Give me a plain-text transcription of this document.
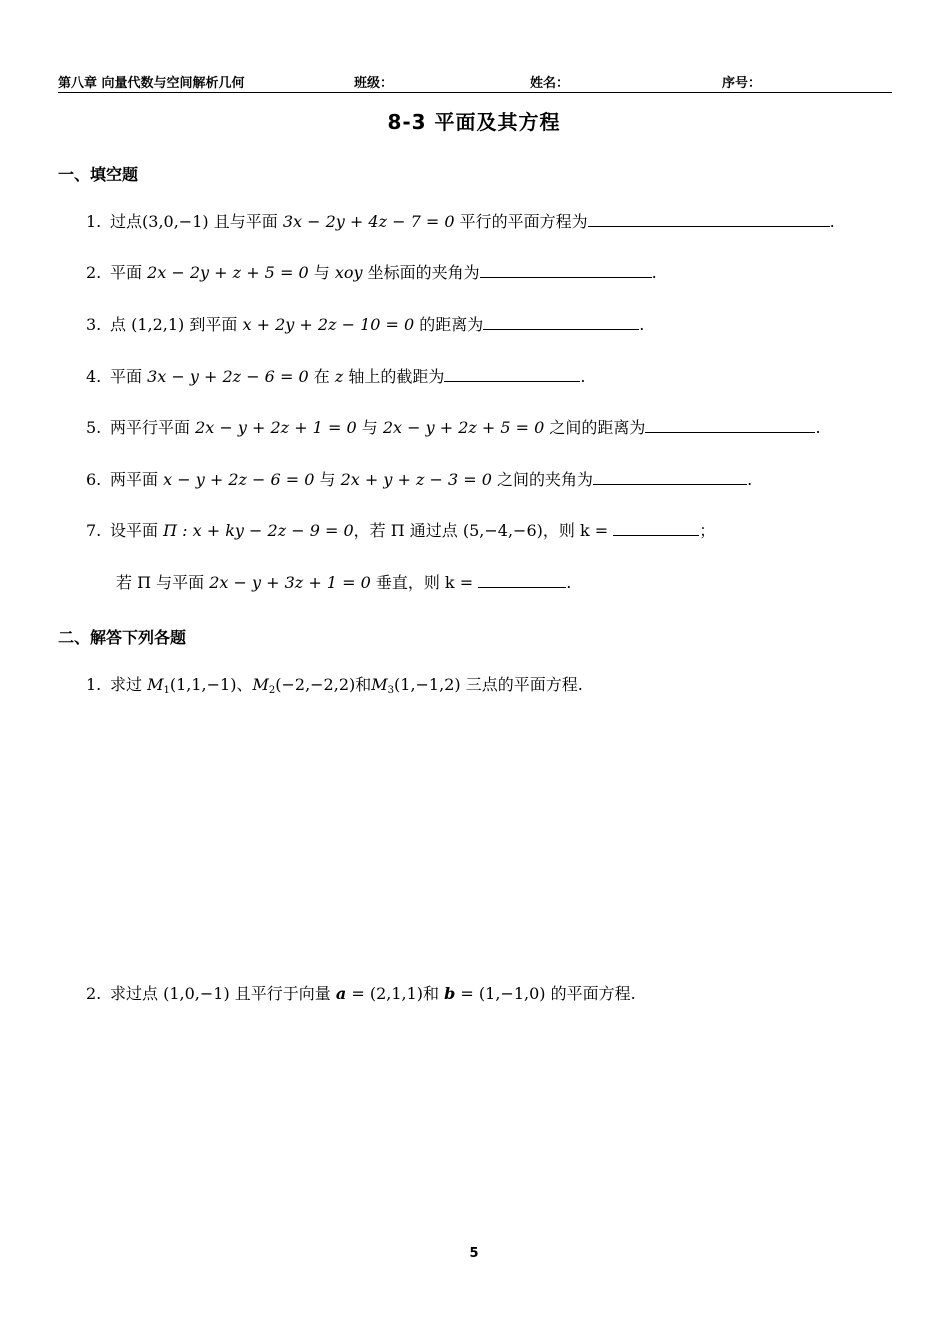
第八章 向量代数与空间解析几何	班级：	姓名：	序号：
8-3 平面及其方程
一、填空题
1. 过点(3,0,−1) 且与平面 3x − 2y + 4z − 7 = 0 平行的平面方程为	.
2. 平面 2x − 2y + z + 5 = 0 与 xoy 坐标面的夹角为	.
3. 点 (1,2,1) 到平面 x + 2y + 2z − 10 = 0 的距离为	.
4. 平面 3x − y + 2z − 6 = 0 在 z 轴上的截距为	.
5. 两平行平面 2x − y + 2z + 1 = 0 与 2x − y + 2z + 5 = 0 之间的距离为	.
6. 两平面 x − y + 2z − 6 = 0 与 2x + y + z − 3 = 0 之间的夹角为	.
7. 设平面 Π : x + ky − 2z − 9 = 0，若 Π 通过点 (5,−4,−6)，则 k =	；
若 Π 与平面 2x − y + 3z + 1 = 0 垂直，则 k =	.
二、解答下列各题
1. 求过 $M_1(1,1,-1)$、$M_2(-2,-2,2)$和$M_3(1,-1,2)$ 三点的平面方程.
2. 求过点 (1,0,−1) 且平行于向量 a = (2,1,1)和 b = (1,−1,0) 的平面方程.
5
